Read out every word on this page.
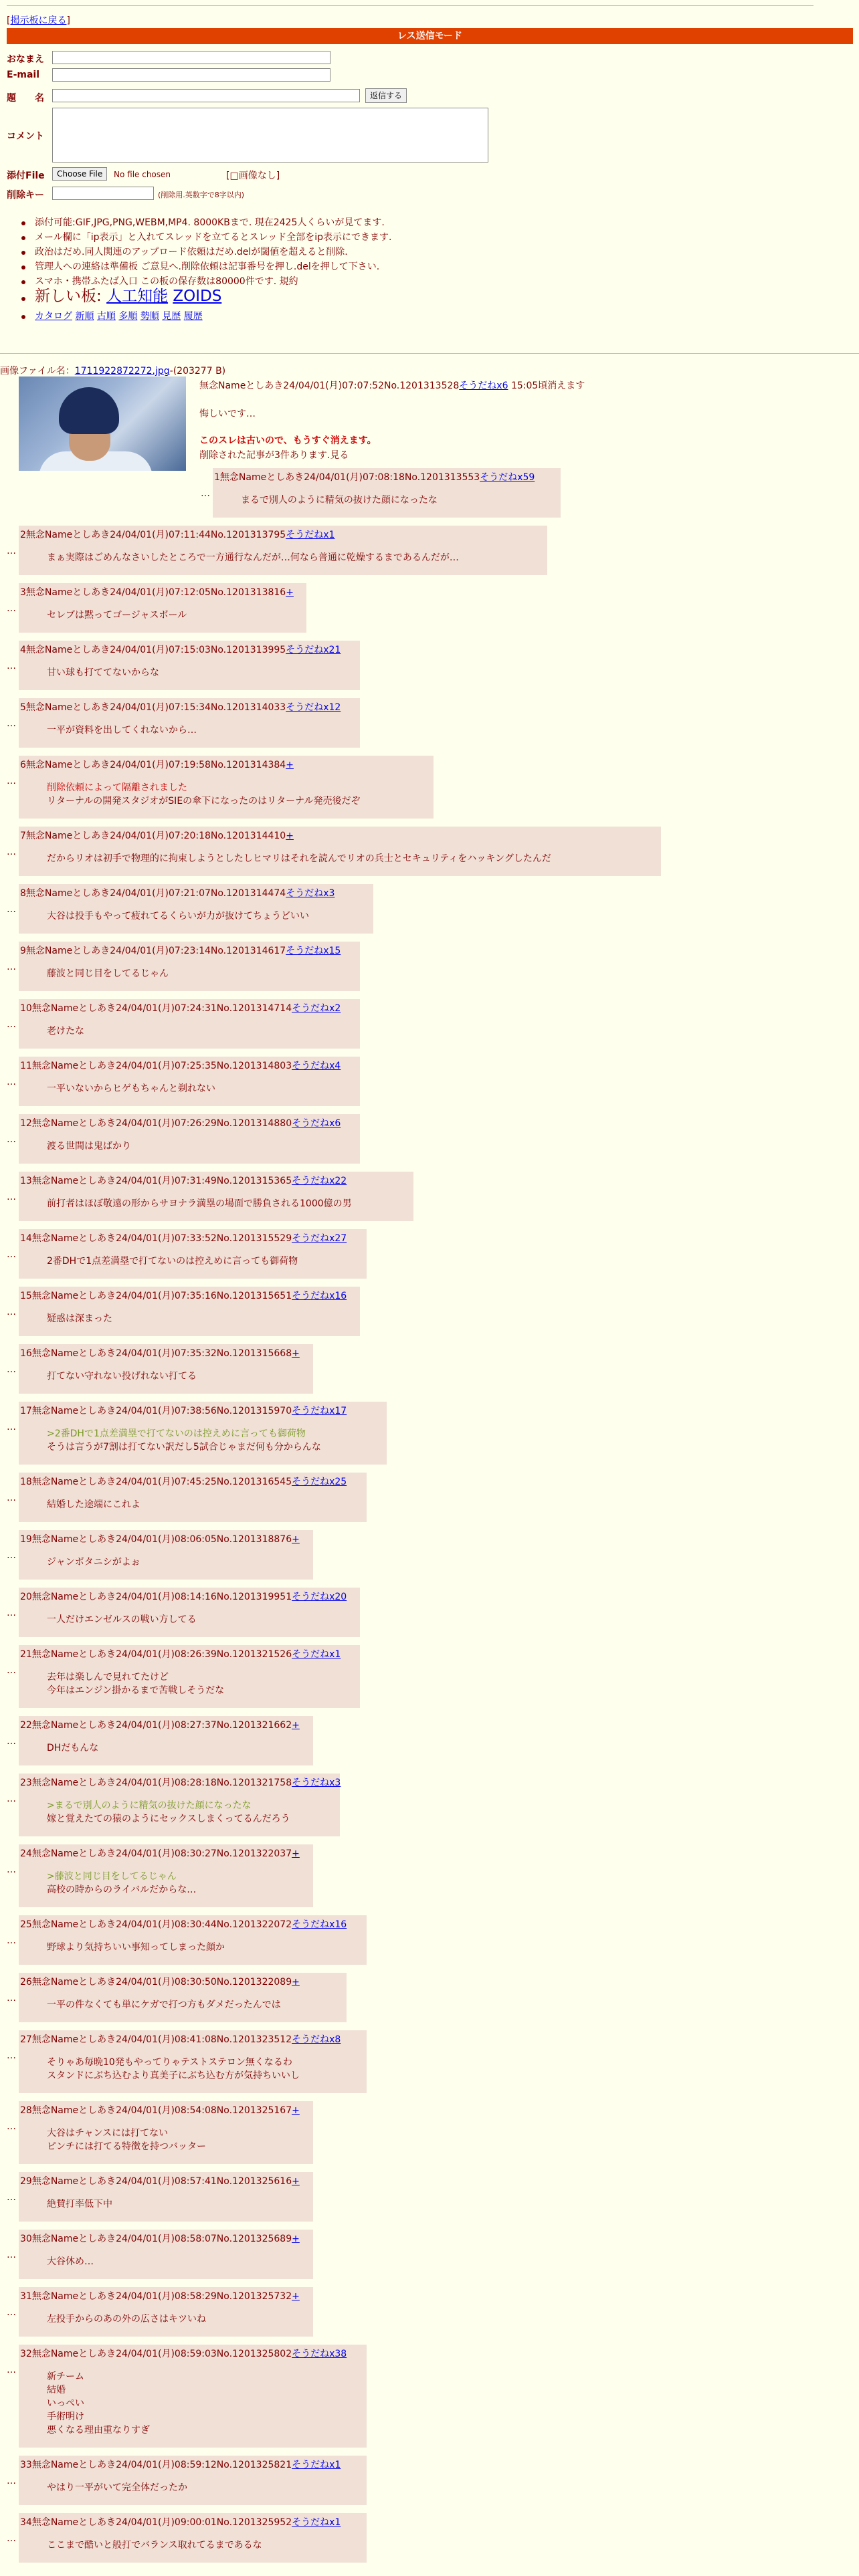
[掲示板に戻る]
レス送信モード
おなまえ
E-mail
題　　名	返信する
コメント
添付File	Choose File	No file chosen	[□画像なし]
削除キー	(削除用.英数字で8字以内)
添付可能:GIF,JPG,PNG,WEBM,MP4. 8000KBまで. 現在2425人くらいが見てます.
メール欄に「ip表示」と入れてスレッドを立てるとスレッド全部をip表示にできます.
政治はだめ.同人関連のアップロード依頼はだめ.delが閾値を超えると削除.
管理人への連絡は準備板 ご意見へ.削除依頼は記事番号を押し.delを押して下さい.
スマホ・携帯ふたば入口 この板の保存数は80000件です. 規約
新しい板: 人工知能 ZOIDS
カタログ 新順 古順 多順 勢順 見歴 履歴
画像ファイル名：1711922872272.jpg-(203277 B)
無念Nameとしあき24/04/01(月)07:07:52No.1201313528そうだねx6 15:05頃消えます
悔しいです…
このスレは古いので、もうすぐ消えます。
削除された記事が3件あります.見る
…
1無念Nameとしあき24/04/01(月)07:08:18No.1201313553そうだねx59
まるで別人のように精気の抜けた顔になったな
…
2無念Nameとしあき24/04/01(月)07:11:44No.1201313795そうだねx1
まぁ実際はごめんなさいしたところで一方通行なんだが…何なら普通に乾燥するまであるんだが…
…
3無念Nameとしあき24/04/01(月)07:12:05No.1201313816+
セレブは黙ってゴージャスボール
…
4無念Nameとしあき24/04/01(月)07:15:03No.1201313995そうだねx21
甘い球も打ててないからな
…
5無念Nameとしあき24/04/01(月)07:15:34No.1201314033そうだねx12
一平が資料を出してくれないから…
…
6無念Nameとしあき24/04/01(月)07:19:58No.1201314384+
削除依頼によって隔離されました
リターナルの開発スタジオがSIEの傘下になったのはリターナル発売後だぞ
…
7無念Nameとしあき24/04/01(月)07:20:18No.1201314410+
だからリオは初手で物理的に拘束しようとしたしヒマリはそれを読んでリオの兵士とセキュリティをハッキングしたんだ
…
8無念Nameとしあき24/04/01(月)07:21:07No.1201314474そうだねx3
大谷は投手もやって疲れてるくらいが力が抜けてちょうどいい
…
9無念Nameとしあき24/04/01(月)07:23:14No.1201314617そうだねx15
藤波と同じ目をしてるじゃん
…
10無念Nameとしあき24/04/01(月)07:24:31No.1201314714そうだねx2
老けたな
…
11無念Nameとしあき24/04/01(月)07:25:35No.1201314803そうだねx4
一平いないからヒゲもちゃんと剃れない
…
12無念Nameとしあき24/04/01(月)07:26:29No.1201314880そうだねx6
渡る世間は鬼ばかり
…
13無念Nameとしあき24/04/01(月)07:31:49No.1201315365そうだねx22
前打者はほぼ敬遠の形からサヨナラ満塁の場面で勝負される1000億の男
…
14無念Nameとしあき24/04/01(月)07:33:52No.1201315529そうだねx27
2番DHで1点差満塁で打てないのは控えめに言っても御荷物
…
15無念Nameとしあき24/04/01(月)07:35:16No.1201315651そうだねx16
疑惑は深まった
…
16無念Nameとしあき24/04/01(月)07:35:32No.1201315668+
打てない守れない投げれない打てる
…
17無念Nameとしあき24/04/01(月)07:38:56No.1201315970そうだねx17
>2番DHで1点差満塁で打てないのは控えめに言っても御荷物
そうは言うが7割は打てない訳だし5試合じゃまだ何も分からんな
…
18無念Nameとしあき24/04/01(月)07:45:25No.1201316545そうだねx25
結婚した途端にこれよ
…
19無念Nameとしあき24/04/01(月)08:06:05No.1201318876+
ジャンボタニシがよぉ
…
20無念Nameとしあき24/04/01(月)08:14:16No.1201319951そうだねx20
一人だけエンゼルスの戦い方してる
…
21無念Nameとしあき24/04/01(月)08:26:39No.1201321526そうだねx1
去年は楽しんで見れてたけど
今年はエンジン掛かるまで苦戦しそうだな
…
22無念Nameとしあき24/04/01(月)08:27:37No.1201321662+
DHだもんな
…
23無念Nameとしあき24/04/01(月)08:28:18No.1201321758そうだねx3
>まるで別人のように精気の抜けた顔になったな
嫁と覚えたての猿のようにセックスしまくってるんだろう
…
24無念Nameとしあき24/04/01(月)08:30:27No.1201322037+
>藤波と同じ目をしてるじゃん
高校の時からのライバルだからな…
…
25無念Nameとしあき24/04/01(月)08:30:44No.1201322072そうだねx16
野球より気持ちいい事知ってしまった顔か
…
26無念Nameとしあき24/04/01(月)08:30:50No.1201322089+
一平の件なくても単にケガで打つ方もダメだったんでは
…
27無念Nameとしあき24/04/01(月)08:41:08No.1201323512そうだねx8
そりゃあ毎晩10発もやってりゃテストステロン無くなるわ
スタンドにぶち込むより真美子にぶち込む方が気持ちいいし
…
28無念Nameとしあき24/04/01(月)08:54:08No.1201325167+
大谷はチャンスには打てない
ピンチには打てる特徴を持つバッター
…
29無念Nameとしあき24/04/01(月)08:57:41No.1201325616+
絶賛打率低下中
…
30無念Nameとしあき24/04/01(月)08:58:07No.1201325689+
大谷休め…
…
31無念Nameとしあき24/04/01(月)08:58:29No.1201325732+
左投手からのあの外の広さはキツいね
…
32無念Nameとしあき24/04/01(月)08:59:03No.1201325802そうだねx38
新チーム
結婚
いっぺい
手術明け
悪くなる理由重なりすぎ
…
33無念Nameとしあき24/04/01(月)08:59:12No.1201325821そうだねx1
やはり一平がいて完全体だったか
…
34無念Nameとしあき24/04/01(月)09:00:01No.1201325952そうだねx1
ここまで酷いと般打でバランス取れてるまであるな
